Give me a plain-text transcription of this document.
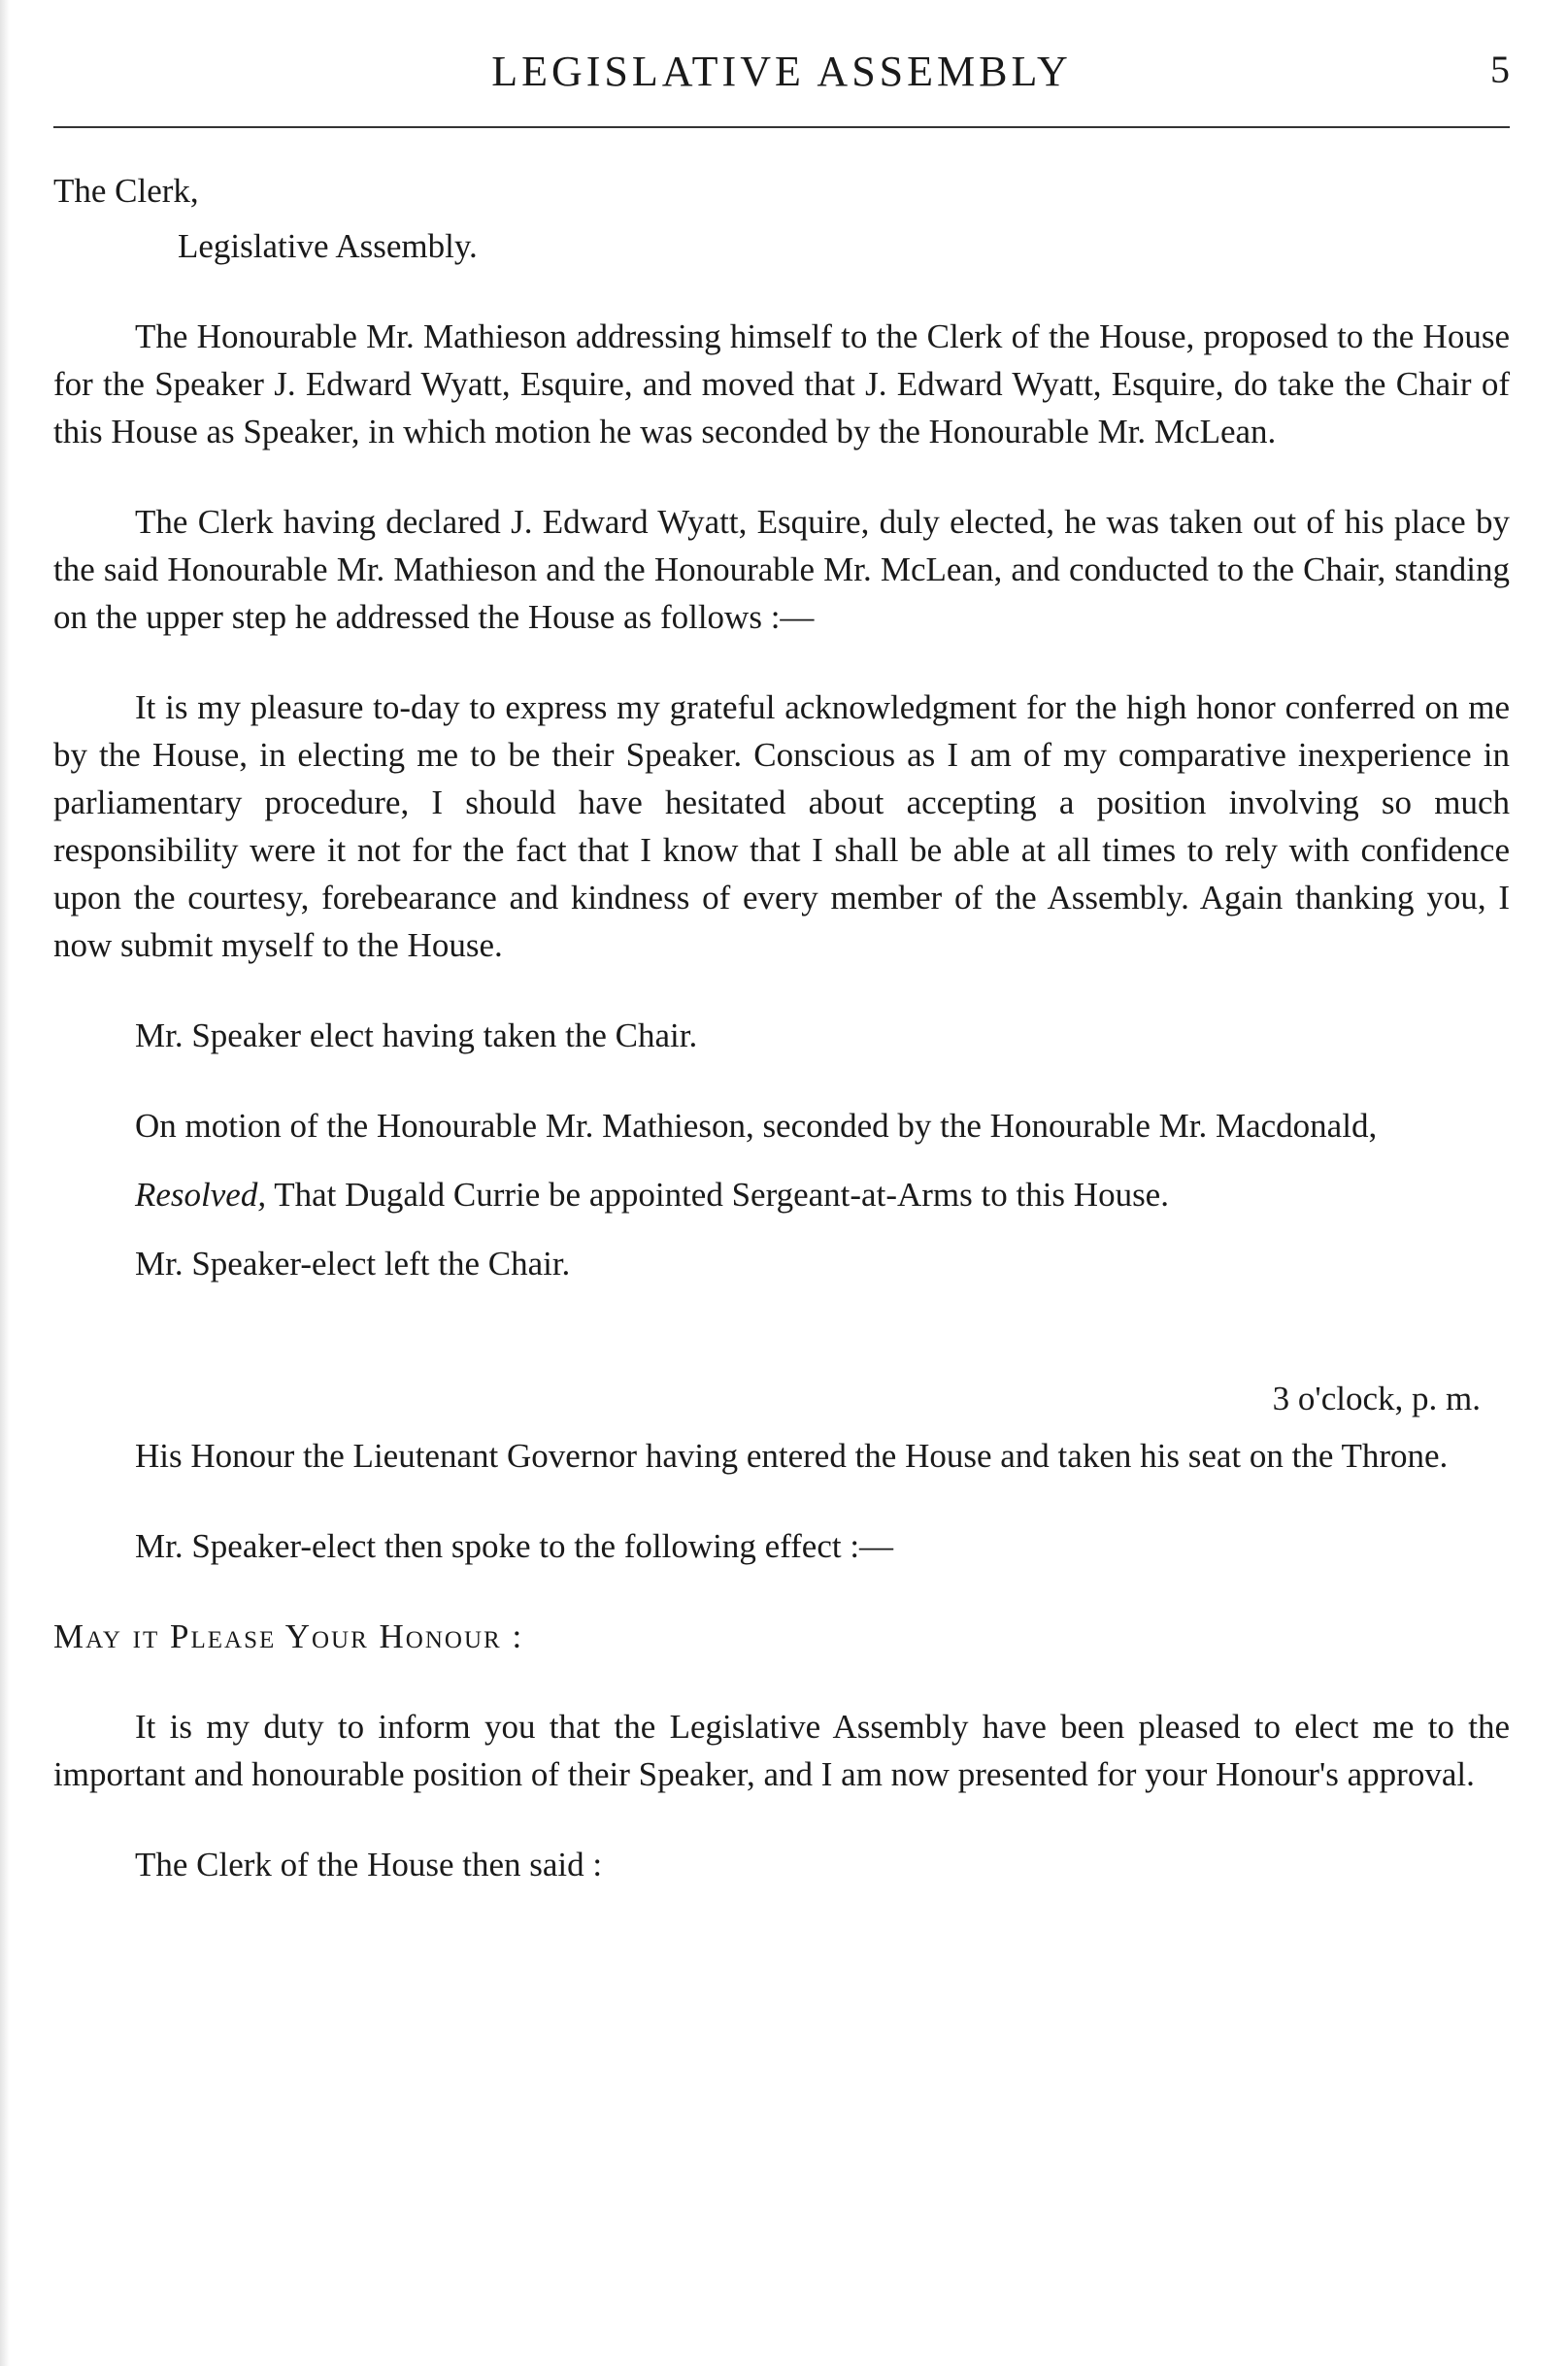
LEGISLATIVE ASSEMBLY	5

The Clerk,

Legislative Assembly.

The Honourable Mr. Mathieson addressing himself to the Clerk of the House, proposed to the House for the Speaker J. Edward Wyatt, Esquire, and moved that J. Edward Wyatt, Esquire, do take the Chair of this House as Speaker, in which motion he was seconded by the Honourable Mr. McLean.

The Clerk having declared J. Edward Wyatt, Esquire, duly elected, he was taken out of his place by the said Honourable Mr. Mathieson and the Honourable Mr. McLean, and conducted to the Chair, standing on the upper step he addressed the House as follows :—

It is my pleasure to-day to express my grateful acknowledgment for the high honor conferred on me by the House, in electing me to be their Speaker. Conscious as I am of my comparative inexperience in parliamentary procedure, I should have hesitated about accepting a position involving so much responsibility were it not for the fact that I know that I shall be able at all times to rely with confidence upon the courtesy, forebearance and kindness of every member of the Assembly. Again thanking you, I now submit myself to the House.

Mr. Speaker elect having taken the Chair.

On motion of the Honourable Mr. Mathieson, seconded by the Honourable Mr. Macdonald,

Resolved, That Dugald Currie be appointed Sergeant-at-Arms to this House.

Mr. Speaker-elect left the Chair.

3 o'clock, p. m.

His Honour the Lieutenant Governor having entered the House and taken his seat on the Throne.

Mr. Speaker-elect then spoke to the following effect :—

May it Please Your Honour :

It is my duty to inform you that the Legislative Assembly have been pleased to elect me to the important and honourable position of their Speaker, and I am now presented for your Honour's approval.

The Clerk of the House then said :
